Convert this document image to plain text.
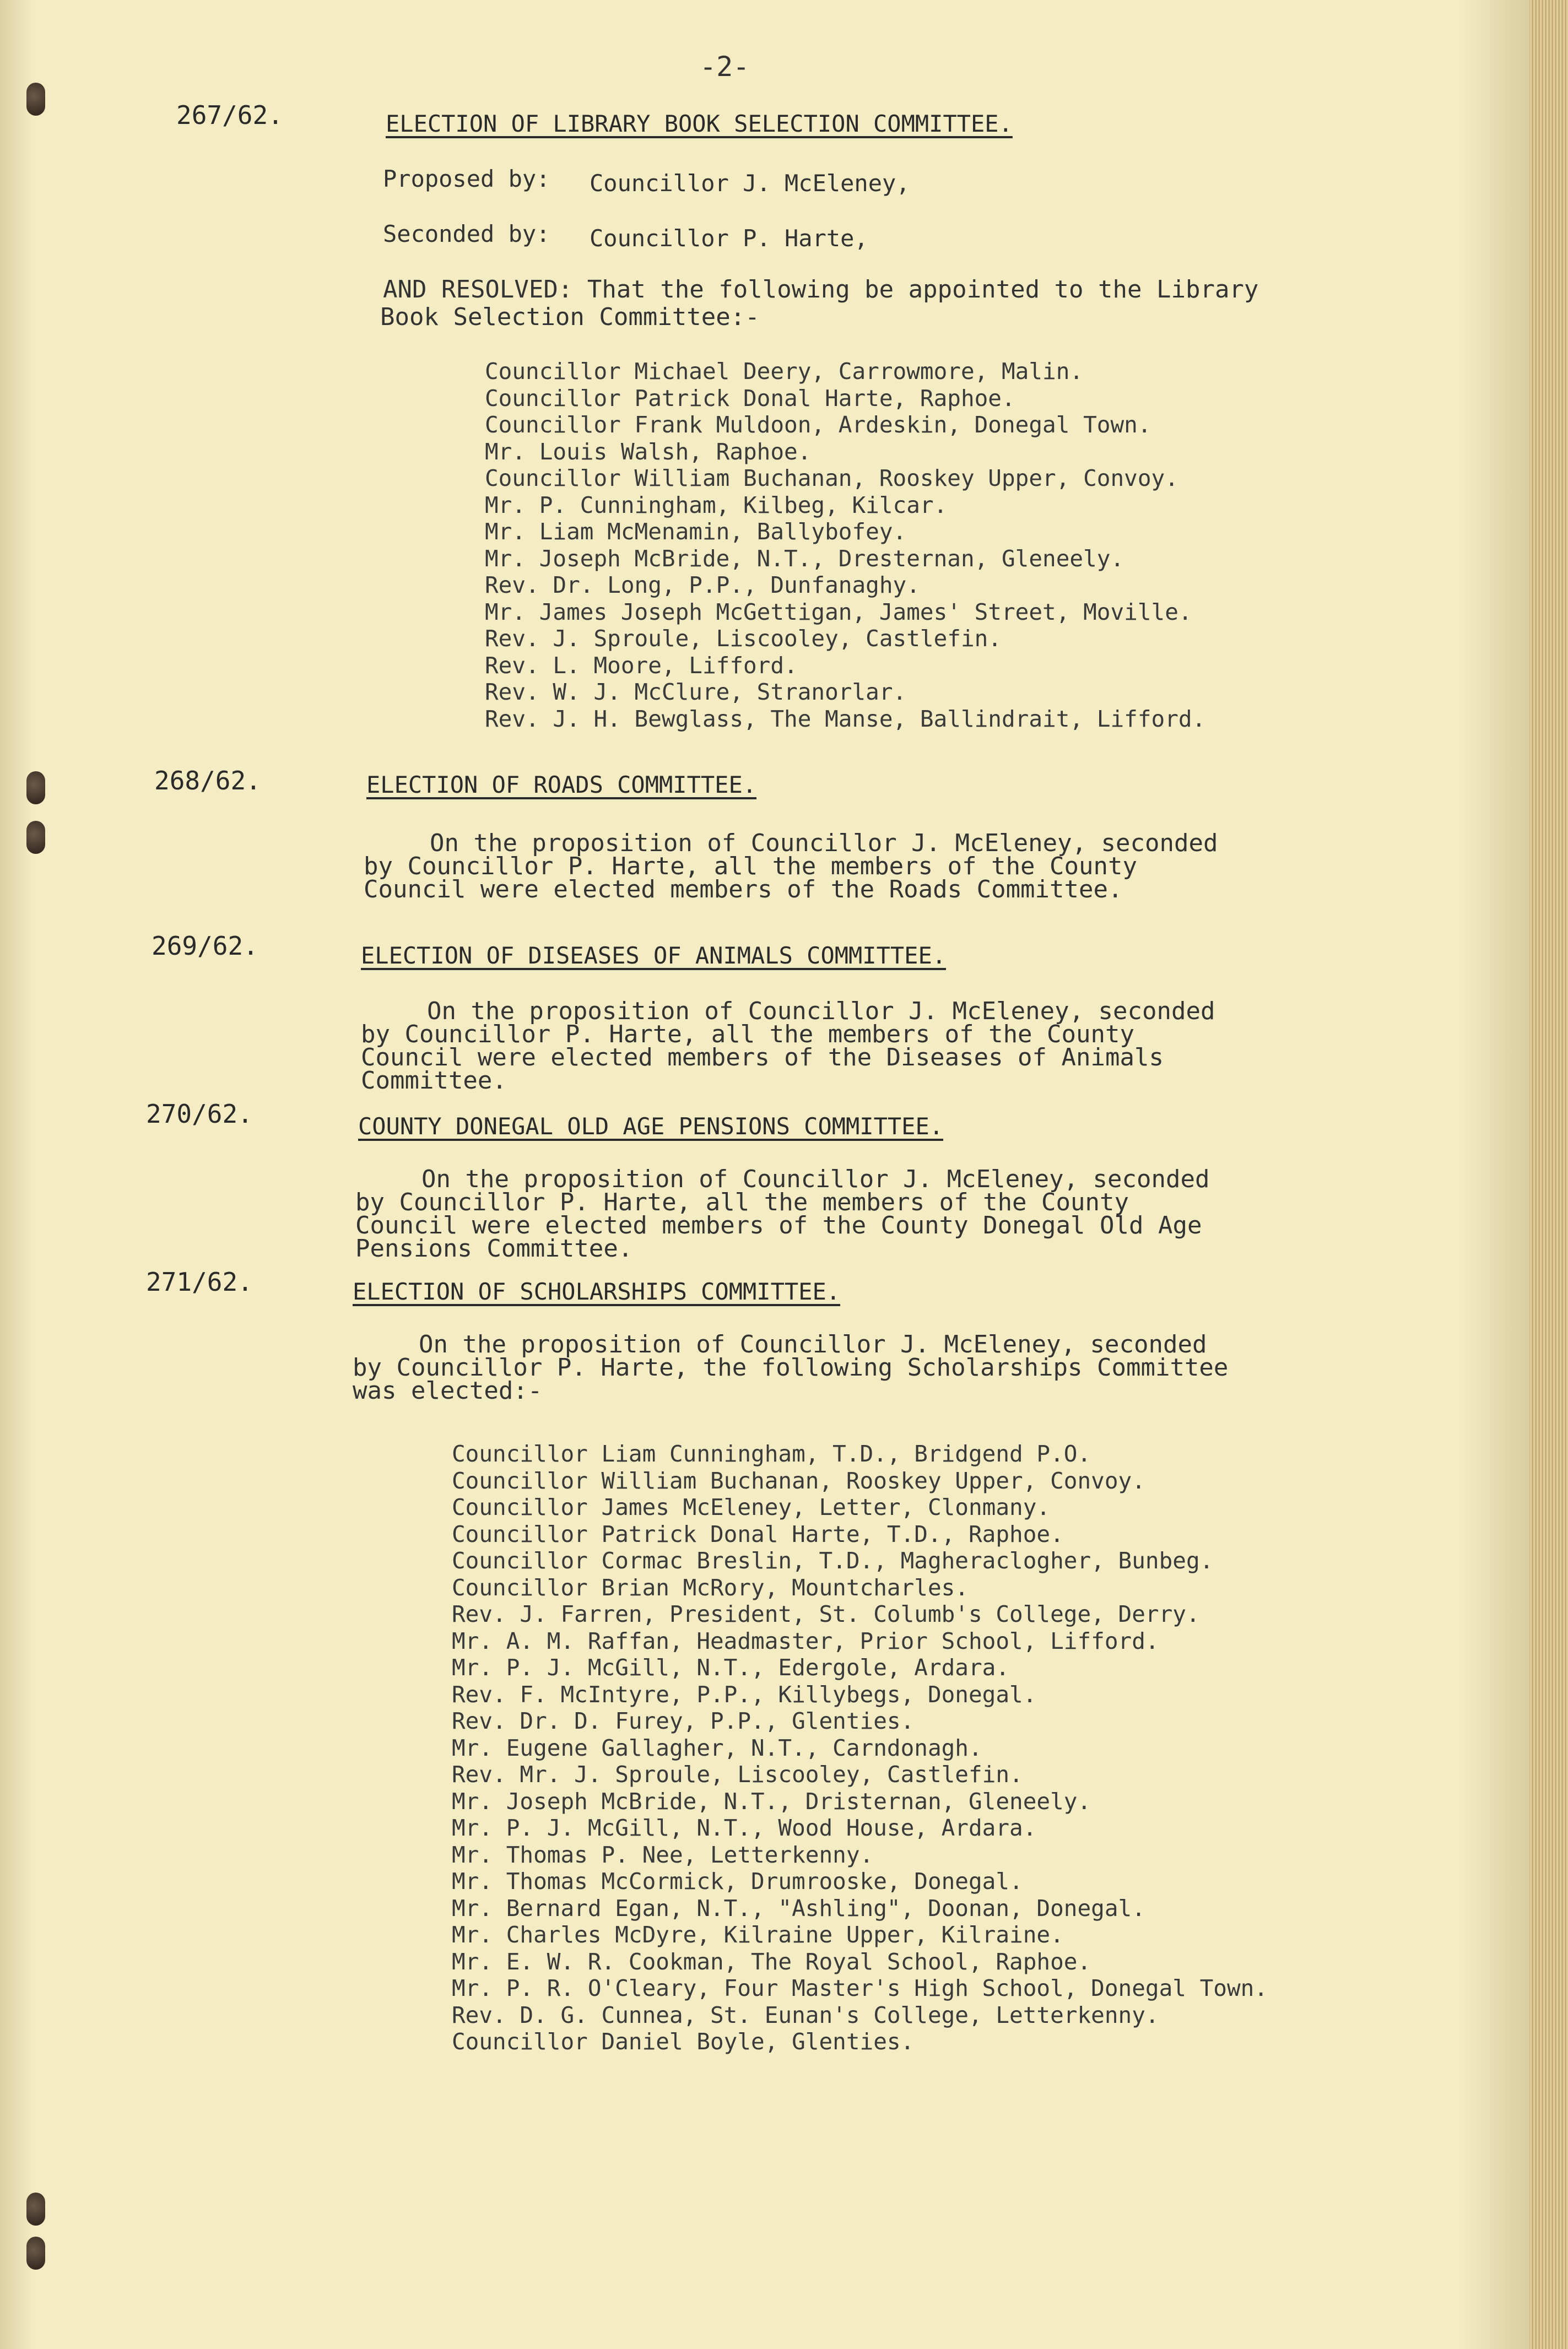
-2-
267/62.	ELECTION OF LIBRARY BOOK SELECTION COMMITTEE.
Proposed by: Councillor J. McEleney,
Seconded by: Councillor P. Harte,
AND RESOLVED: That the following be appointed to the Library
Book Selection Committee:-
Councillor Michael Deery, Carrowmore, Malin.
Councillor Patrick Donal Harte, Raphoe.
Councillor Frank Muldoon, Ardeskin, Donegal Town.
Mr. Louis Walsh, Raphoe.
Councillor William Buchanan, Rooskey Upper, Convoy.
Mr. P. Cunningham, Kilbeg, Kilcar.
Mr. Liam McMenamin, Ballybofey.
Mr. Joseph McBride, N.T., Dresternan, Gleneely.
Rev. Dr. Long, P.P., Dunfanaghy.
Mr. James Joseph McGettigan, James' Street, Moville.
Rev. J. Sproule, Liscooley, Castlefin.
Rev. L. Moore, Lifford.
Rev. W. J. McClure, Stranorlar.
Rev. J. H. Bewglass, The Manse, Ballindrait, Lifford.
268/62.	ELECTION OF ROADS COMMITTEE.
On the proposition of Councillor J. McEleney, seconded by Councillor P. Harte, all the members of the County Council were elected members of the Roads Committee.
269/62.	ELECTION OF DISEASES OF ANIMALS COMMITTEE.
On the proposition of Councillor J. McEleney, seconded by Councillor P. Harte, all the members of the County Council were elected members of the Diseases of Animals Committee.
270/62.	COUNTY DONEGAL OLD AGE PENSIONS COMMITTEE.
On the proposition of Councillor J. McEleney, seconded by Councillor P. Harte, all the members of the County Council were elected members of the County Donegal Old Age Pensions Committee.
271/62.	ELECTION OF SCHOLARSHIPS COMMITTEE.
On the proposition of Councillor J. McEleney, seconded by Councillor P. Harte, the following Scholarships Committee was elected:-
Councillor Liam Cunningham, T.D., Bridgend P.O.
Councillor William Buchanan, Rooskey Upper, Convoy.
Councillor James McEleney, Letter, Clonmany.
Councillor Patrick Donal Harte, T.D., Raphoe.
Councillor Cormac Breslin, T.D., Magheraclogher, Bunbeg.
Councillor Brian McRory, Mountcharles.
Rev. J. Farren, President, St. Columb's College, Derry.
Mr. A. M. Raffan, Headmaster, Prior School, Lifford.
Mr. P. J. McGill, N.T., Edergole, Ardara.
Rev. F. McIntyre, P.P., Killybegs, Donegal.
Rev. Dr. D. Furey, P.P., Glenties.
Mr. Eugene Gallagher, N.T., Carndonagh.
Rev. Mr. J. Sproule, Liscooley, Castlefin.
Mr. Joseph McBride, N.T., Dristernan, Gleneely.
Mr. P. J. McGill, N.T., Wood House, Ardara.
Mr. Thomas P. Nee, Letterkenny.
Mr. Thomas McCormick, Drumrooske, Donegal.
Mr. Bernard Egan, N.T., "Ashling", Doonan, Donegal.
Mr. Charles McDyre, Kilraine Upper, Kilraine.
Mr. E. W. R. Cookman, The Royal School, Raphoe.
Mr. P. R. O'Cleary, Four Master's High School, Donegal Town.
Rev. D. G. Cunnea, St. Eunan's College, Letterkenny.
Councillor Daniel Boyle, Glenties.
